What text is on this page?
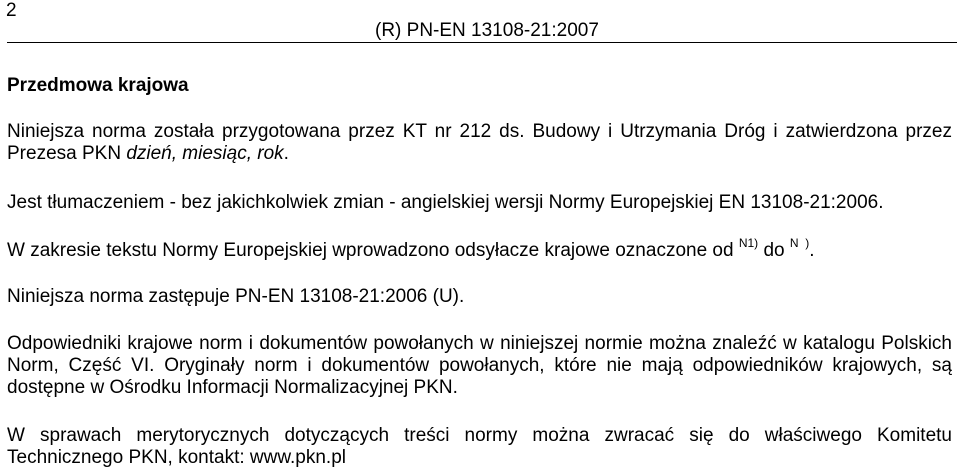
2
(R) PN-EN 13108-21:2007
Przedmowa krajowa

Niniejsza norma została przygotowana przez KT nr 212 ds. Budowy i Utrzymania Dróg i zatwierdzona przez Prezesa PKN dzień, miesiąc, rok.

Jest tłumaczeniem - bez jakichkolwiek zmian - angielskiej wersji Normy Europejskiej EN 13108-21:2006.

W zakresie tekstu Normy Europejskiej wprowadzono odsyłacze krajowe oznaczone od $^{N1)}$ do $^{N )}$.

Niniejsza norma zastępuje PN-EN 13108-21:2006 (U).

Odpowiedniki krajowe norm i dokumentów powołanych w niniejszej normie można znaleźć w katalogu Polskich Norm, Część VI. Oryginały norm i dokumentów powołanych, które nie mają odpowiedników krajowych, są dostępne w Ośrodku Informacji Normalizacyjnej PKN.

W sprawach merytorycznych dotyczących treści normy można zwracać się do właściwego Komitetu Technicznego PKN, kontakt: www.pkn.pl
